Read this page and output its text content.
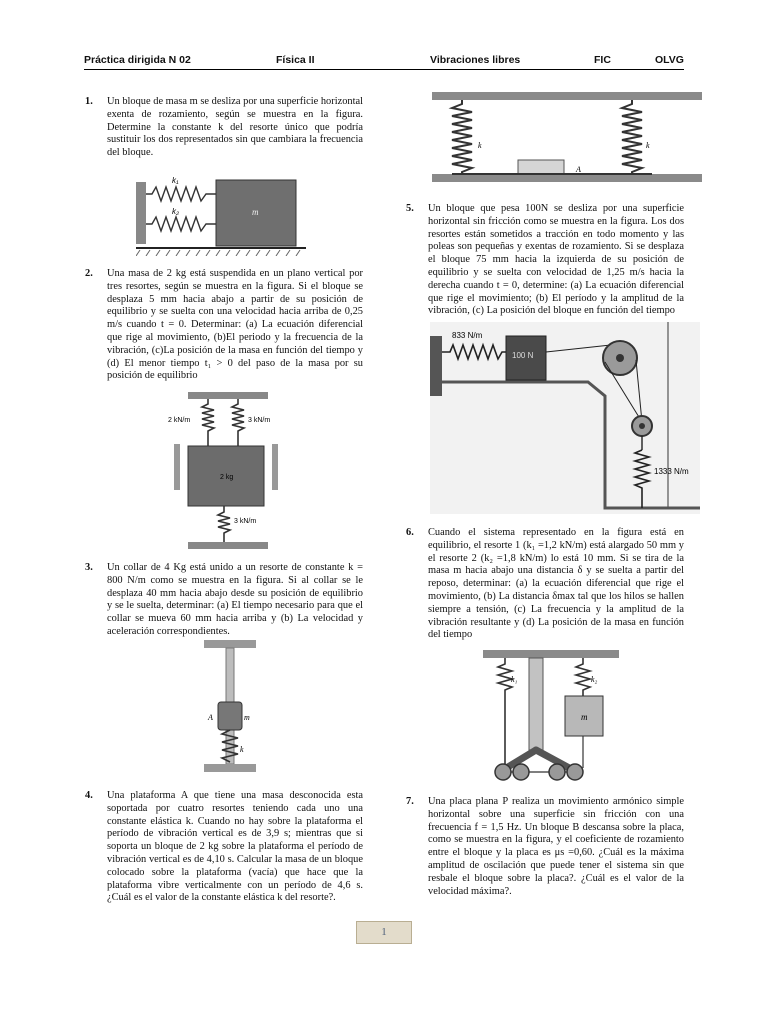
Práctica dirigida N 02	Física II	Vibraciones libres	FIC	OLVG
1. Un bloque de masa m se desliza por una superficie horizontal exenta de rozamiento, según se muestra en la figura. Determine la constante k del resorte único que podría sustituir los dos representados sin que cambiara la frecuencia del bloque.

k₁
k₂	m
2. Una masa de 2 kg está suspendida en un plano vertical por tres resortes, según se muestra en la figura. Si el bloque se desplaza 5 mm hacia abajo a partir de su posición de equilibrio y se suelta con una velocidad hacia arriba de 0,25 m/s cuando t = 0. Determinar: (a) La ecuación diferencial que rige al movimiento, (b)El periodo y la frecuencia de la vibración, (c)La posición de la masa en función del tiempo y (d) El menor tiempo t₁ > 0 del paso de la masa por su posición de equilibrio

2 kN/m	3 kN/m
2 kg
3 kN/m
3. Un collar de 4 Kg está unido a un resorte de constante k = 800 N/m como se muestra en la figura. Si al collar se le desplaza 40 mm hacia abajo desde su posición de equilibrio y se le suelta, determinar: (a) El tiempo necesario para que el collar se mueva 60 mm hacia arriba y (b) La velocidad y aceleración correspondientes.

A	m
k
4. Una plataforma A que tiene una masa desconocida esta soportada por cuatro resortes teniendo cada uno una constante elástica k. Cuando no hay sobre la plataforma el período de vibración vertical es de 3,9 s; mientras que si soporta un bloque de 2 kg sobre la plataforma el período de vibración vertical es de 4,10 s. Calcular la masa de un bloque colocado sobre la plataforma (vacía) que hace que la plataforma vibre verticalmente con un período de 4,6 s. ¿Cuál es el valor de la constante elástica k del resorte?.

k	k
A
5. Un bloque que pesa 100N se desliza por una superficie horizontal sin fricción como se muestra en la figura. Los dos resortes están sometidos a tracción en todo momento y las poleas son pequeñas y exentas de rozamiento. Si se desplaza el bloque 75 mm hacia la izquierda de su posición de equilibrio y se suelta con velocidad de 1,25 m/s hacia la derecha cuando t = 0, determine: (a) La ecuación diferencial que rige el movimiento; (b) El período y la amplitud de la vibración, (c) La posición del bloque en función del tiempo

833 N/m
100 N
1333 N/m
6. Cuando el sistema representado en la figura está en equilibrio, el resorte 1 (k₁ =1,2 kN/m) está alargado 50 mm y el resorte 2 (k₂ =1,8 kN/m) lo está 10 mm. Si se tira de la masa m hacia abajo una distancia δ y se suelta a partir del reposo, determinar: (a) la ecuación diferencial que rige el movimiento, (b) La distancia δmax tal que los hilos se hallen siempre a tensión, (c) La frecuencia y la amplitud de la vibración resultante y (d) La posición de la masa en función del tiempo

k₁	k₂
m
7. Una placa plana P realiza un movimiento armónico simple horizontal sobre una superficie sin fricción con una frecuencia f = 1,5 Hz. Un bloque B descansa sobre la placa, como se muestra en la figura, y el coeficiente de rozamiento entre el bloque y la placa es μs =0,60. ¿Cuál es la máxima amplitud de oscilación que puede tener el sistema sin que resbale el bloque sobre la placa?. ¿Cuál es el valor de la velocidad máxima?.

1
